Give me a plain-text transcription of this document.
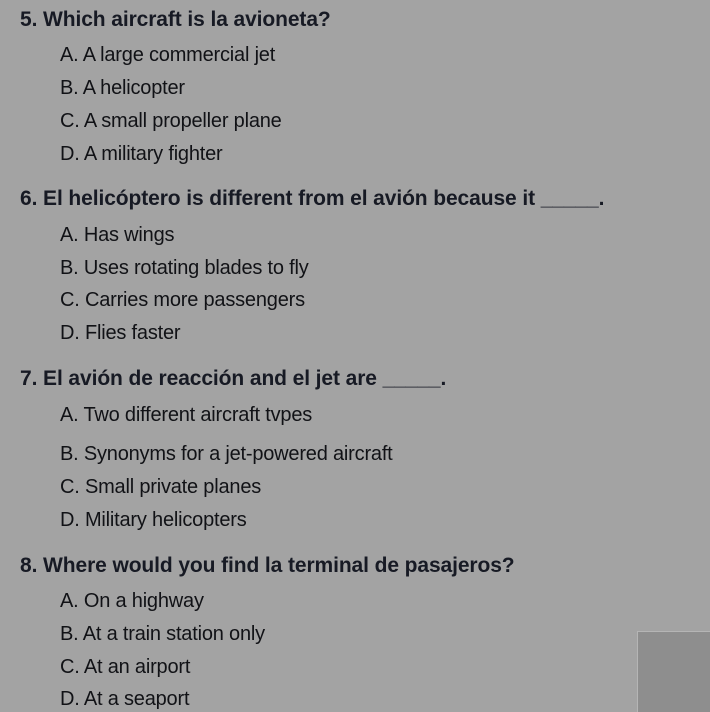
5. Which aircraft is la avioneta?
A. A large commercial jet
B. A helicopter
C. A small propeller plane
D. A military fighter
6. El helicóptero is different from el avión because it _____.
A. Has wings
B. Uses rotating blades to fly
C. Carries more passengers
D. Flies faster
7. El avión de reacción and el jet are _____.
A. Two different aircraft tvpes
B. Synonyms for a jet-powered aircraft
C. Small private planes
D. Military helicopters
8. Where would you find la terminal de pasajeros?
A. On a highway
B. At a train station only
C. At an airport
D. At a seaport
